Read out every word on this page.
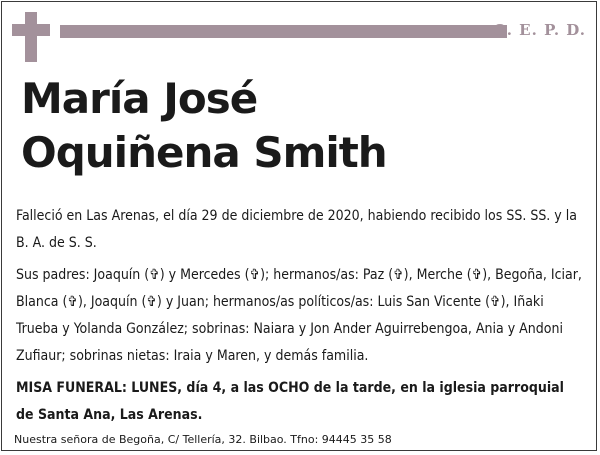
Q. E. P. D.
María José
Oquiñena Smith

Falleció en Las Arenas, el día 29 de diciembre de 2020, habiendo recibido los SS. SS. y la B. A. de S. S.

Sus padres: Joaquín (✞) y Mercedes (✞); hermanos/as: Paz (✞), Merche (✞), Begoña, Iciar, Blanca (✞), Joaquín (✞) y Juan; hermanos/as políticos/as: Luis San Vicente (✞), Iñaki Trueba y Yolanda González; sobrinas: Naiara y Jon Ander Aguirrebengoa, Ania y Andoni Zufiaur; sobrinas nietas: Iraia y Maren, y demás familia.

MISA FUNERAL: LUNES, día 4, a las OCHO de la tarde, en la iglesia parroquial de Santa Ana, Las Arenas.

Nuestra señora de Begoña, C/ Tellería, 32. Bilbao. Tfno: 94445 35 58
